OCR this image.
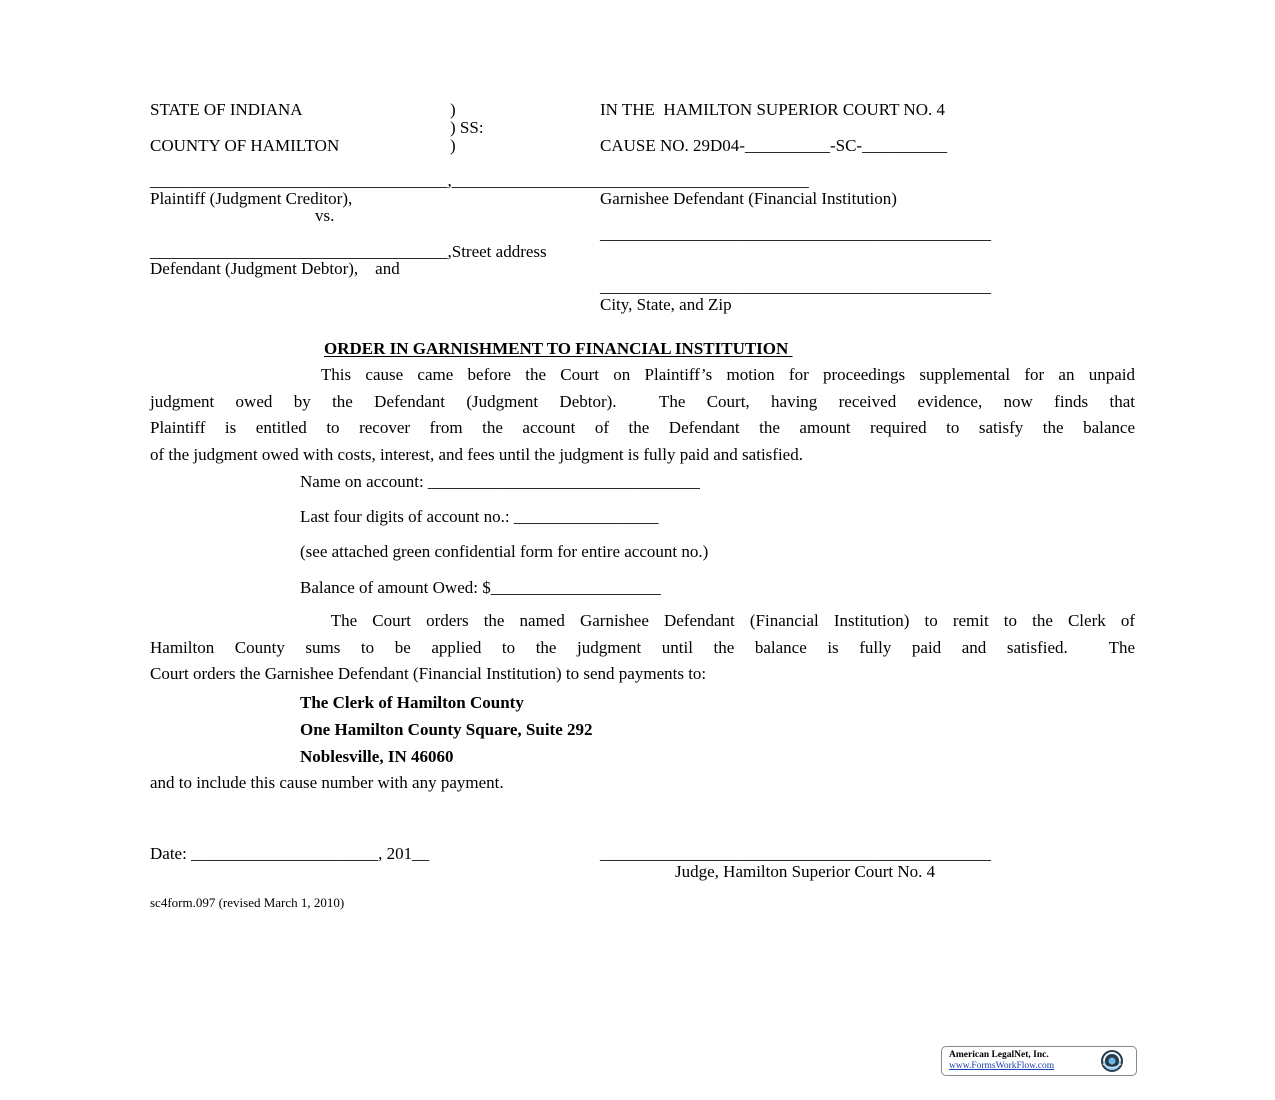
STATE OF INDIANA	)
) SS:
COUNTY OF HAMILTON	)
IN THE  HAMILTON SUPERIOR COURT NO. 4
CAUSE NO. 29D04-__________-SC-__________
___________________________________,__________________________________________
Plaintiff (Judgment Creditor),	Garnishee Defendant (Financial Institution)
vs.
______________________________________________
___________________________________,Street address
Defendant (Judgment Debtor),    and
______________________________________________
City, State, and Zip
ORDER IN GARNISHMENT TO FINANCIAL INSTITUTION
This cause came before the Court on Plaintiff’s motion for proceedings supplemental for an unpaid
judgment owed by the Defendant (Judgment Debtor).  The Court, having received evidence, now finds that
Plaintiff is entitled to recover from the account of the Defendant the amount required to satisfy the balance
of the judgment owed with costs, interest, and fees until the judgment is fully paid and satisfied.
Name on account: ________________________________
Last four digits of account no.: _________________
(see attached green confidential form for entire account no.)
Balance of amount Owed: $____________________
The Court orders the named Garnishee Defendant (Financial Institution) to remit to the Clerk of
Hamilton County sums to be applied to the judgment until the balance is fully paid and satisfied.  The
Court orders the Garnishee Defendant (Financial Institution) to send payments to:
The Clerk of Hamilton County
One Hamilton County Square, Suite 292
Noblesville, IN 46060
and to include this cause number with any payment.
Date: ______________________, 201__	______________________________________________
Judge, Hamilton Superior Court No. 4
sc4form.097 (revised March 1, 2010)
American LegalNet, Inc.
www.FormsWorkFlow.com
